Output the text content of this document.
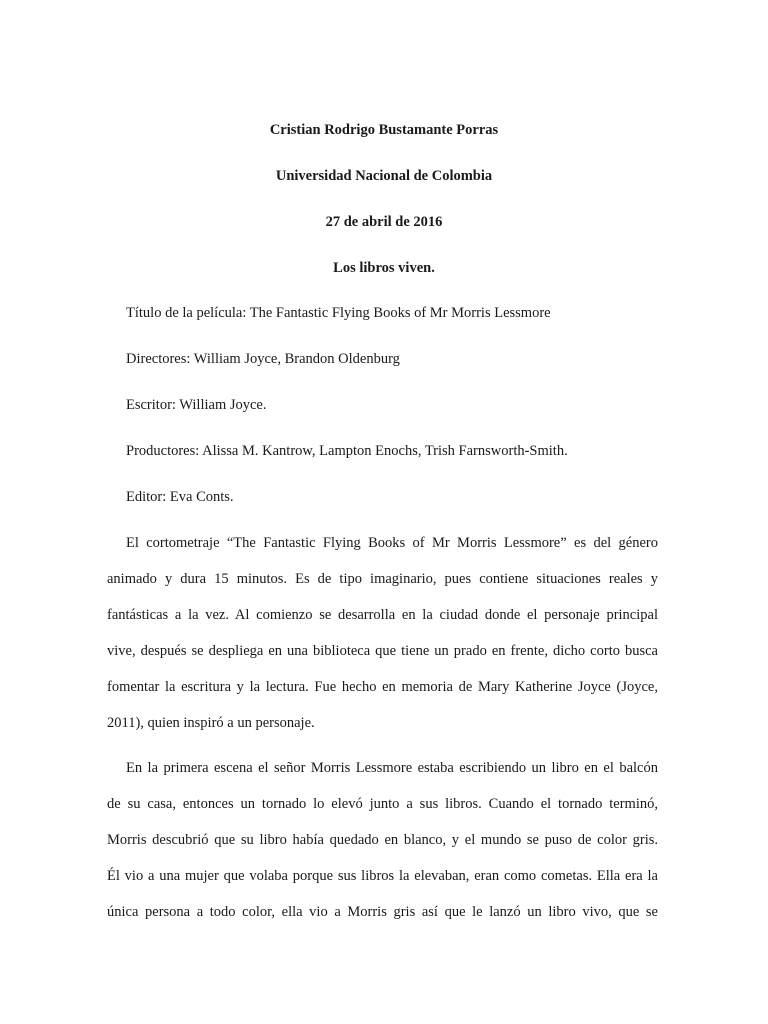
Cristian Rodrigo Bustamante Porras
Universidad Nacional de Colombia
27 de abril de 2016
Los libros viven.
Título de la película: The Fantastic Flying Books of Mr Morris Lessmore
Directores: William Joyce, Brandon Oldenburg
Escritor: William Joyce.
Productores: Alissa M. Kantrow, Lampton Enochs, Trish Farnsworth-Smith.
Editor: Eva Conts.
El cortometraje “The Fantastic Flying Books of Mr Morris Lessmore” es del género
animado y dura 15 minutos. Es de tipo imaginario, pues contiene situaciones reales y
fantásticas a la vez. Al comienzo se desarrolla en la ciudad donde el personaje principal
vive, después se despliega en una biblioteca que tiene un prado en frente, dicho corto busca
fomentar la escritura y la lectura. Fue hecho en memoria de Mary Katherine Joyce (Joyce,
2011), quien inspiró a un personaje.
En la primera escena el señor Morris Lessmore estaba escribiendo un libro en el balcón
de su casa, entonces un tornado lo elevó junto a sus libros. Cuando el tornado terminó,
Morris descubrió que su libro había quedado en blanco, y el mundo se puso de color gris.
Él vio a una mujer que volaba porque sus libros la elevaban, eran como cometas. Ella era la
única persona a todo color, ella vio a Morris gris así que le lanzó un libro vivo, que se
